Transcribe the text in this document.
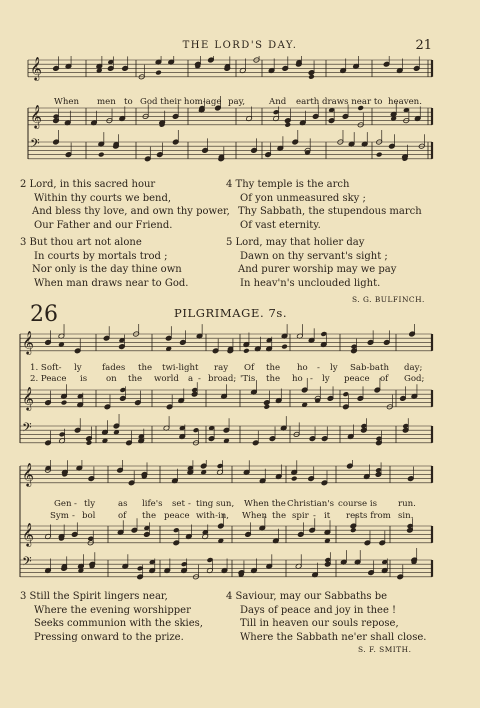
THE LORD'S DAY.	21
𝄞
𝄞
𝄢
When men to God their hom-age pay,	And earth draws near to heaven.
2 Lord, in this sacred hour
Within thy courts we bend,
And bless thy love, and own thy power,
Our Father and our Friend.
3 But thou art not alone
In courts by mortals trod ;
Nor only is the day thine own
When man draws near to God.
4 Thy temple is the arch
Of yon unmeasured sky ;
Thy Sabbath, the stupendous march
Of vast eternity.
5 Lord, may that holier day
Dawn on thy servant's sight ;
And purer worship may we pay
In heav'n's unclouded light.
S. G. BULFINCH.
26	PILGRIMAGE. 7s.
𝄞
𝄞
𝄢
1. Soft- ly fades the twi-light ray Of the ho - ly Sab-bath day;
2. Peace is on the world a - broad; 'Tis the ho - ly peace of God;
𝄞
𝄞
𝄢
Gen - tly	as life's set - ting sun, When the Christian's course is run.
Sym - bol	of the peace with-in, When the spir - it rests from sin.
3 Still the Spirit lingers near,
Where the evening worshipper
Seeks communion with the skies,
Pressing onward to the prize.
4 Saviour, may our Sabbaths be
Days of peace and joy in thee !
Till in heaven our souls repose,
Where the Sabbath ne'er shall close.
S. F. SMITH.
